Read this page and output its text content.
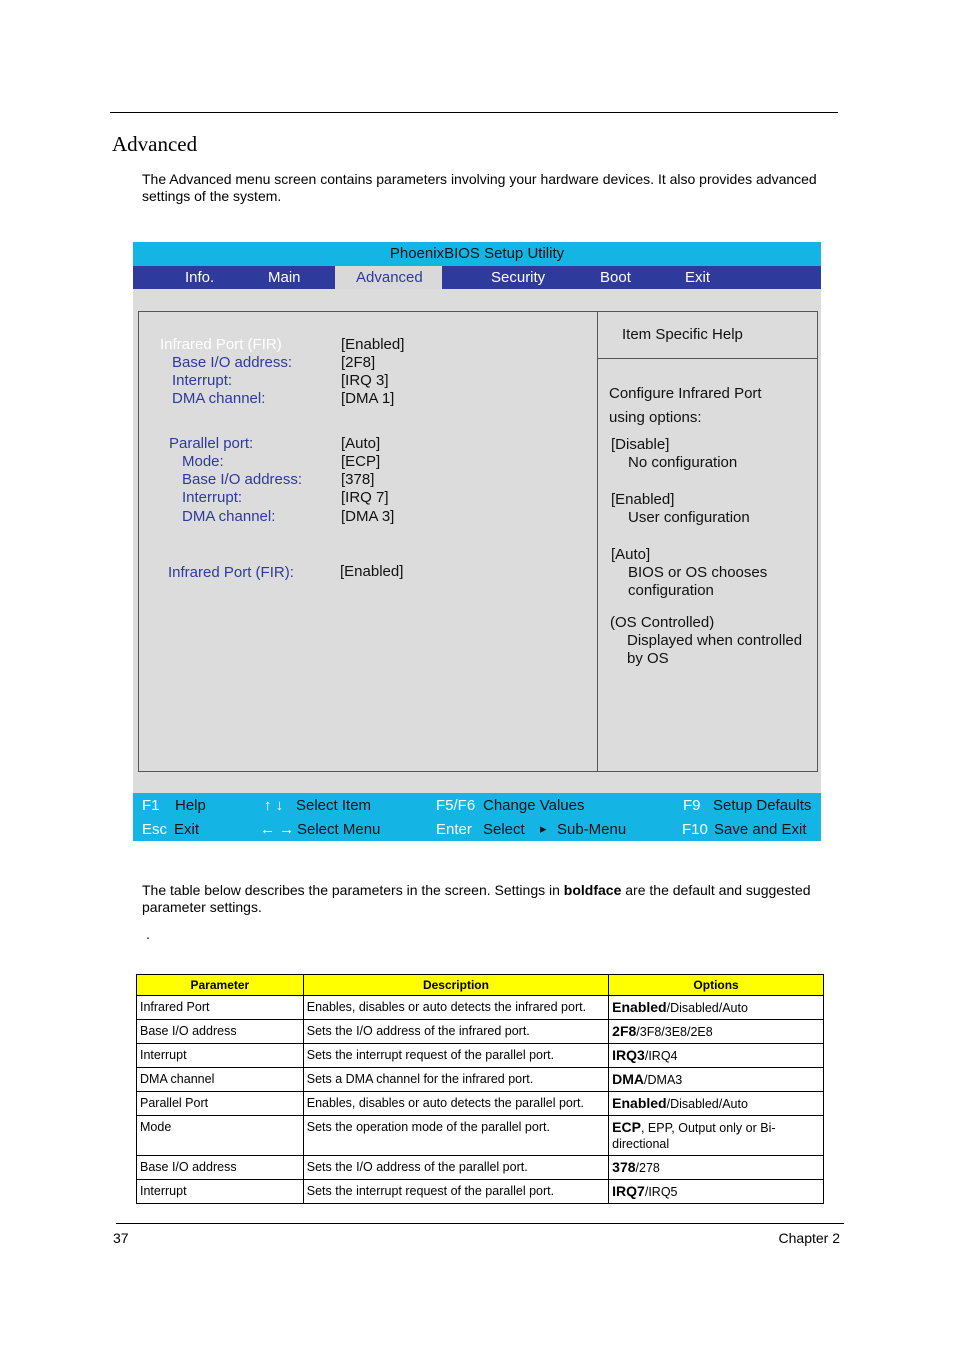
Advanced
The Advanced menu screen contains parameters involving your hardware devices. It also provides advanced settings of the system.
PhoenixBIOS Setup Utility
Info.	Main	Advanced	Security	Boot	Exit
Infrared Port (FIR)	[Enabled]
Base I/O address:	[2F8]
Interrupt:	[IRQ 3]
DMA channel:	[DMA 1]
Parallel port:	[Auto]
Mode:	[ECP]
Base I/O address:	[378]
Interrupt:	[IRQ 7]
DMA channel:	[DMA 3]
Infrared Port (FIR):	[Enabled]
Item Specific Help
Configure Infrared Port
using options:
[Disable]
No configuration
[Enabled]
User configuration
[Auto]
BIOS or OS chooses
configuration
(OS Controlled)
Displayed when controlled
by OS
F1 Help	↑ ↓ Select Item	F5/F6 Change Values	F9 Setup Defaults
Esc Exit	← → Select Menu	Enter Select ▸ Sub-Menu	F10 Save and Exit
The table below describes the parameters in the screen. Settings in boldface are the default and suggested parameter settings.
.
Parameter	Description	Options
Infrared Port	Enables, disables or auto detects the infrared port.	Enabled/Disabled/Auto
Base I/O address	Sets the I/O address of the infrared port.	2F8/3F8/3E8/2E8
Interrupt	Sets the interrupt request of the parallel port.	IRQ3/IRQ4
DMA channel	Sets a DMA channel for the infrared port.	DMA/DMA3
Parallel Port	Enables, disables or auto detects the parallel port.	Enabled/Disabled/Auto
Mode	Sets the operation mode of the parallel port.	ECP, EPP, Output only or Bi-directional
Base I/O address	Sets the I/O address of the parallel port.	378/278
Interrupt	Sets the interrupt request of the parallel port.	IRQ7/IRQ5
37	Chapter 2
